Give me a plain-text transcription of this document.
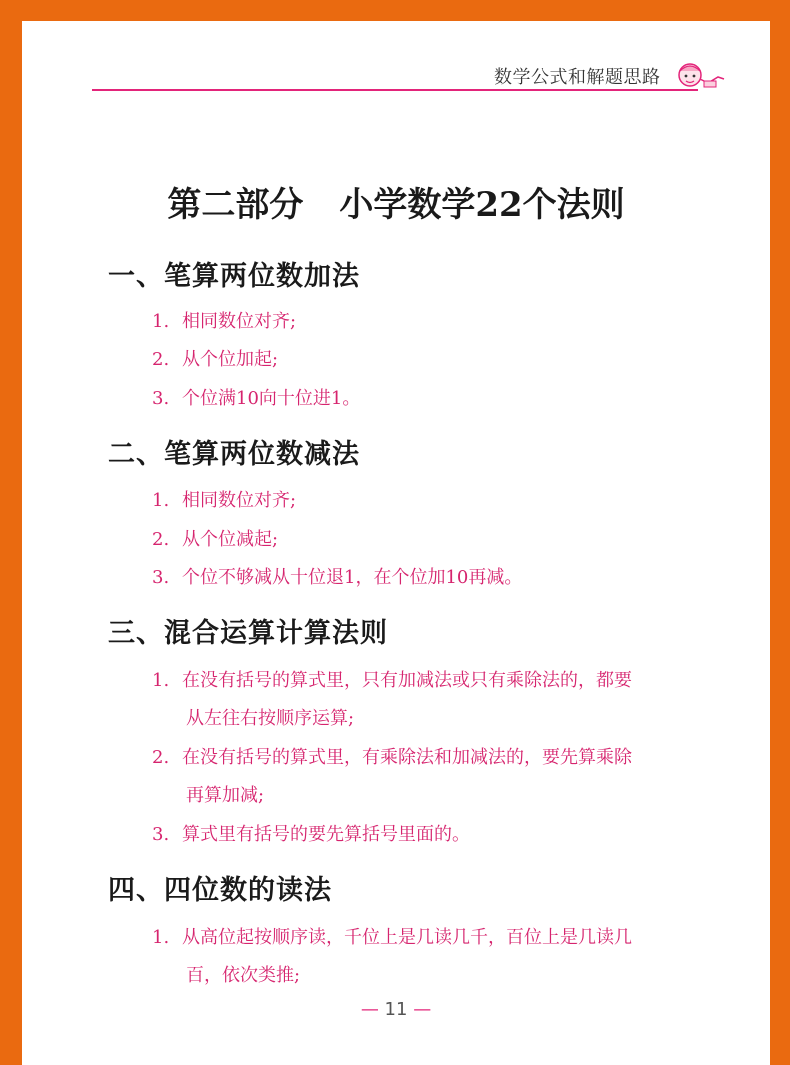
数学公式和解题思路
第二部分 小学数学22个法则
一、笔算两位数加法
1. 相同数位对齐;
2. 从个位加起;
3. 个位满10向十位进1。
二、笔算两位数减法
1. 相同数位对齐;
2. 从个位减起;
3. 个位不够减从十位退1，在个位加10再减。
三、混合运算计算法则
1. 在没有括号的算式里，只有加减法或只有乘除法的，都要
从左往右按顺序运算;
2. 在没有括号的算式里，有乘除法和加减法的，要先算乘除
再算加减;
3. 算式里有括号的要先算括号里面的。
四、四位数的读法
1. 从高位起按顺序读，千位上是几读几千，百位上是几读几
百，依次类推;
— 11 —
